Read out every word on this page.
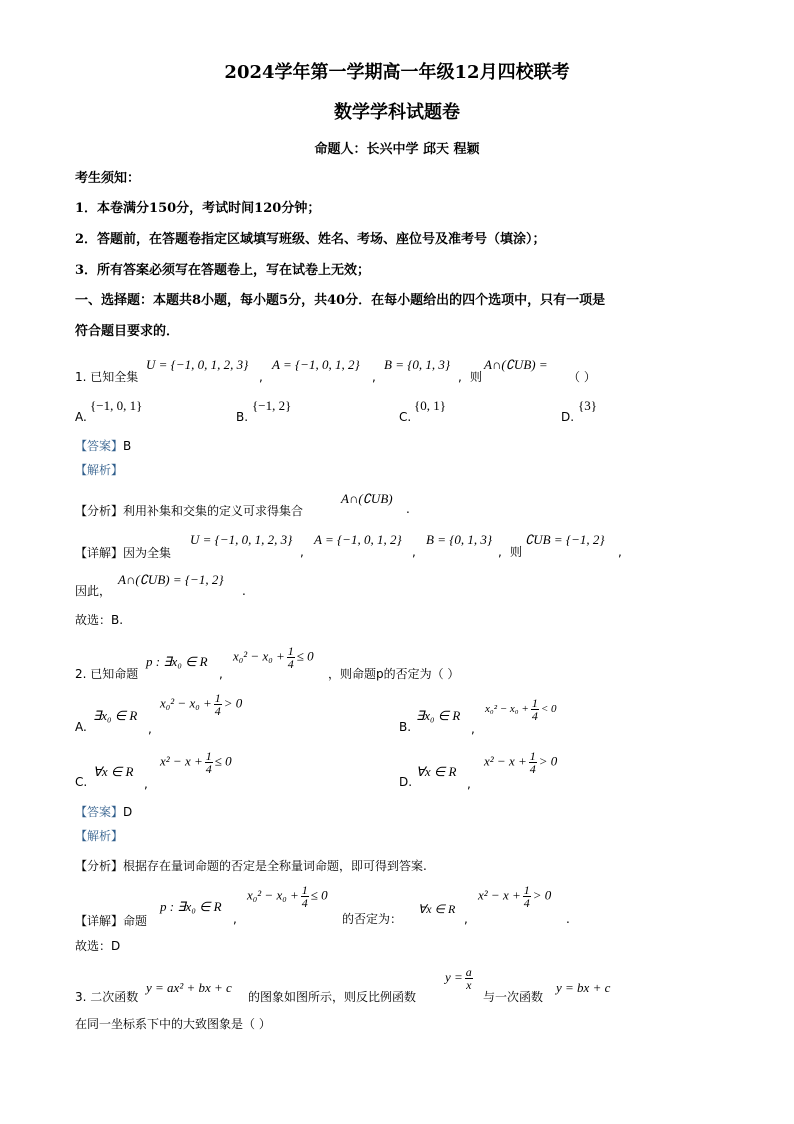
2024学年第一学期高一年级12月四校联考
数学学科试题卷
命题人：长兴中学 邱天 程颖
考生须知：
1．本卷满分150分，考试时间120分钟；
2．答题前，在答题卷指定区域填写班级、姓名、考场、座位号及准考号（填涂）；
3．所有答案必须写在答题卷上，写在试卷上无效；
一、选择题：本题共8小题，每小题5分，共40分．在每小题给出的四个选项中，只有一项是
符合题目要求的．
1. 已知全集
U = {−1, 0, 1, 2, 3}
,
A = {−1, 0, 1, 2}
,
B = {0, 1, 3}
, 则
A∩(∁UB) =
（ ）
A.
{−1, 0, 1}
B.
{−1, 2}
C.
{0, 1}
D.
{3}
【答案】B
【解析】
【分析】利用补集和交集的定义可求得集合
A∩(∁UB)
.
【详解】因为全集
U = {−1, 0, 1, 2, 3}
,
A = {−1, 0, 1, 2}
,
B = {0, 1, 3}
, 则
∁UB = {−1, 2}
,
因此，
A∩(∁UB) = {−1, 2}
.
故选：B.
2. 已知命题
p : ∃x₀ ∈ R
,
$x_0^2 - x_0 + \frac{1}{4} \le 0$
，则命题p的否定为（ ）
A.
∃x₀ ∈ R
,
$x_0^2 - x_0 + \frac{1}{4} > 0$
B.
∃x₀ ∈ R
,
$x_0^2 - x_0 + \frac{1}{4} < 0$
C.
∀x ∈ R
,
$x^2 - x + \frac{1}{4} \le 0$
D.
∀x ∈ R
,
$x^2 - x + \frac{1}{4} > 0$
【答案】D
【解析】
【分析】根据存在量词命题的否定是全称量词命题，即可得到答案.
【详解】命题
p : ∃x₀ ∈ R
,
$x_0^2 - x_0 + \frac{1}{4} \le 0$
的否定为：
∀x ∈ R
,
$x^2 - x + \frac{1}{4} > 0$
.
故选：D
3. 二次函数
y = ax² + bx + c
的图象如图所示，则反比例函数
$y = \frac{a}{x}$
与一次函数
y = bx + c
在同一坐标系下中的大致图象是（ ）
